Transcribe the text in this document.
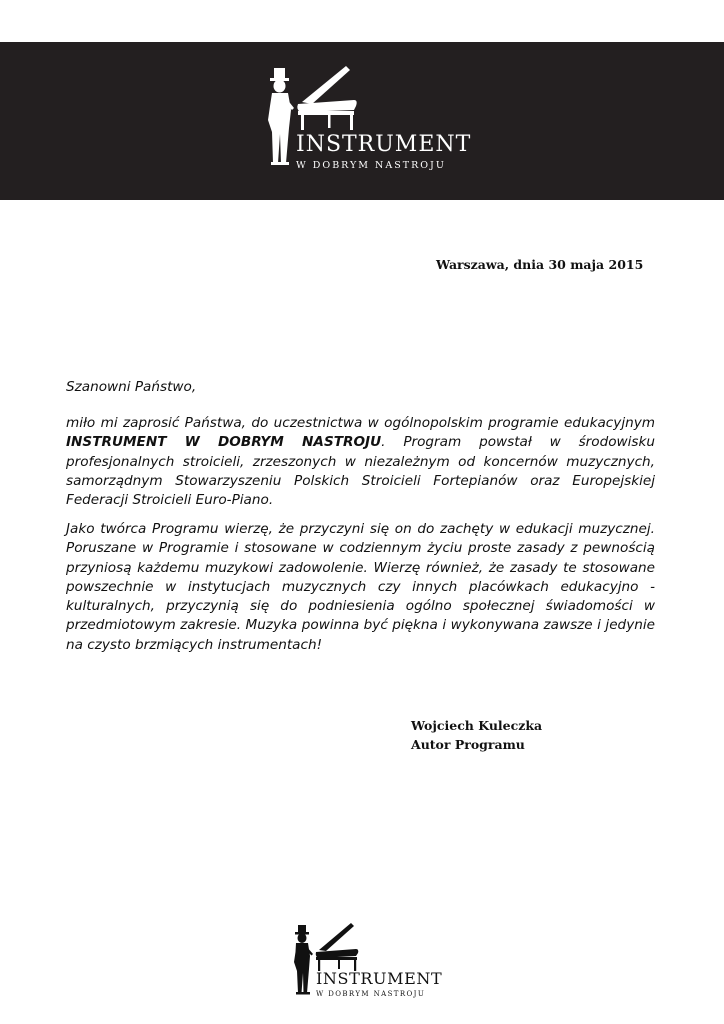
INSTRUMENT
W DOBRYM NASTROJU
Warszawa, dnia 30 maja 2015
Szanowni Państwo,
miło mi zaprosić Państwa, do uczestnictwa w ogólnopolskim programie edukacyjnym INSTRUMENT W DOBRYM NASTROJU. Program powstał w środowisku profesjonalnych stroicieli, zrzeszonych w niezależnym od koncernów muzycznych, samorządnym Stowarzyszeniu Polskich Stroicieli Fortepianów oraz Europejskiej Federacji Stroicieli Euro-Piano.
Jako twórca Programu wierzę, że przyczyni się on do zachęty w edukacji muzycznej. Poruszane w Programie i stosowane w codziennym życiu proste zasady z pewnością przyniosą każdemu muzykowi zadowolenie. Wierzę również, że zasady te stosowane powszechnie w instytucjach muzycznych czy innych placówkach edukacyjno - kulturalnych, przyczynią się do podniesienia ogólno społecznej świadomości w przedmiotowym zakresie. Muzyka powinna być piękna i wykonywana zawsze i jedynie na czysto brzmiących instrumentach!
Wojciech Kuleczka
Autor Programu
INSTRUMENT
W DOBRYM NASTROJU
